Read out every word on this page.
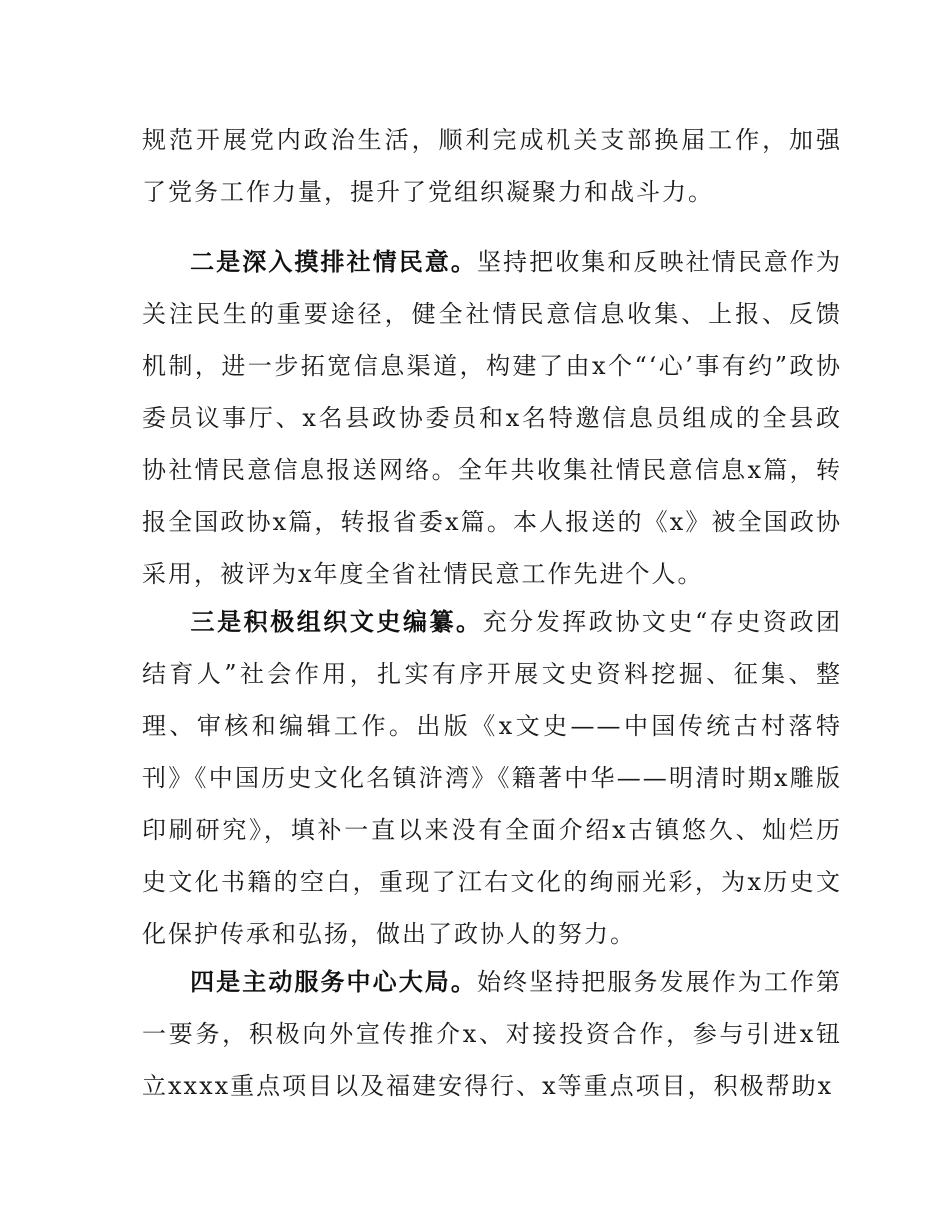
规范开展党内政治生活，顺利完成机关支部换届工作，加强了党务工作力量，提升了党组织凝聚力和战斗力。

二是深入摸排社情民意。坚持把收集和反映社情民意作为关注民生的重要途径，健全社情民意信息收集、上报、反馈机制，进一步拓宽信息渠道，构建了由x个“‘心’事有约”政协委员议事厅、x名县政协委员和x名特邀信息员组成的全县政协社情民意信息报送网络。全年共收集社情民意信息x篇，转报全国政协x篇，转报省委x篇。本人报送的《x》被全国政协采用，被评为x年度全省社情民意工作先进个人。

三是积极组织文史编纂。充分发挥政协文史“存史资政团结育人”社会作用，扎实有序开展文史资料挖掘、征集、整理、审核和编辑工作。出版《x文史——中国传统古村落特刊》《中国历史文化名镇浒湾》《籍著中华——明清时期x雕版印刷研究》，填补一直以来没有全面介绍x古镇悠久、灿烂历史文化书籍的空白，重现了江右文化的绚丽光彩，为x历史文化保护传承和弘扬，做出了政协人的努力。

四是主动服务中心大局。始终坚持把服务发展作为工作第一要务，积极向外宣传推介x、对接投资合作，参与引进x钮立xxxx重点项目以及福建安得行、x等重点项目，积极帮助x
